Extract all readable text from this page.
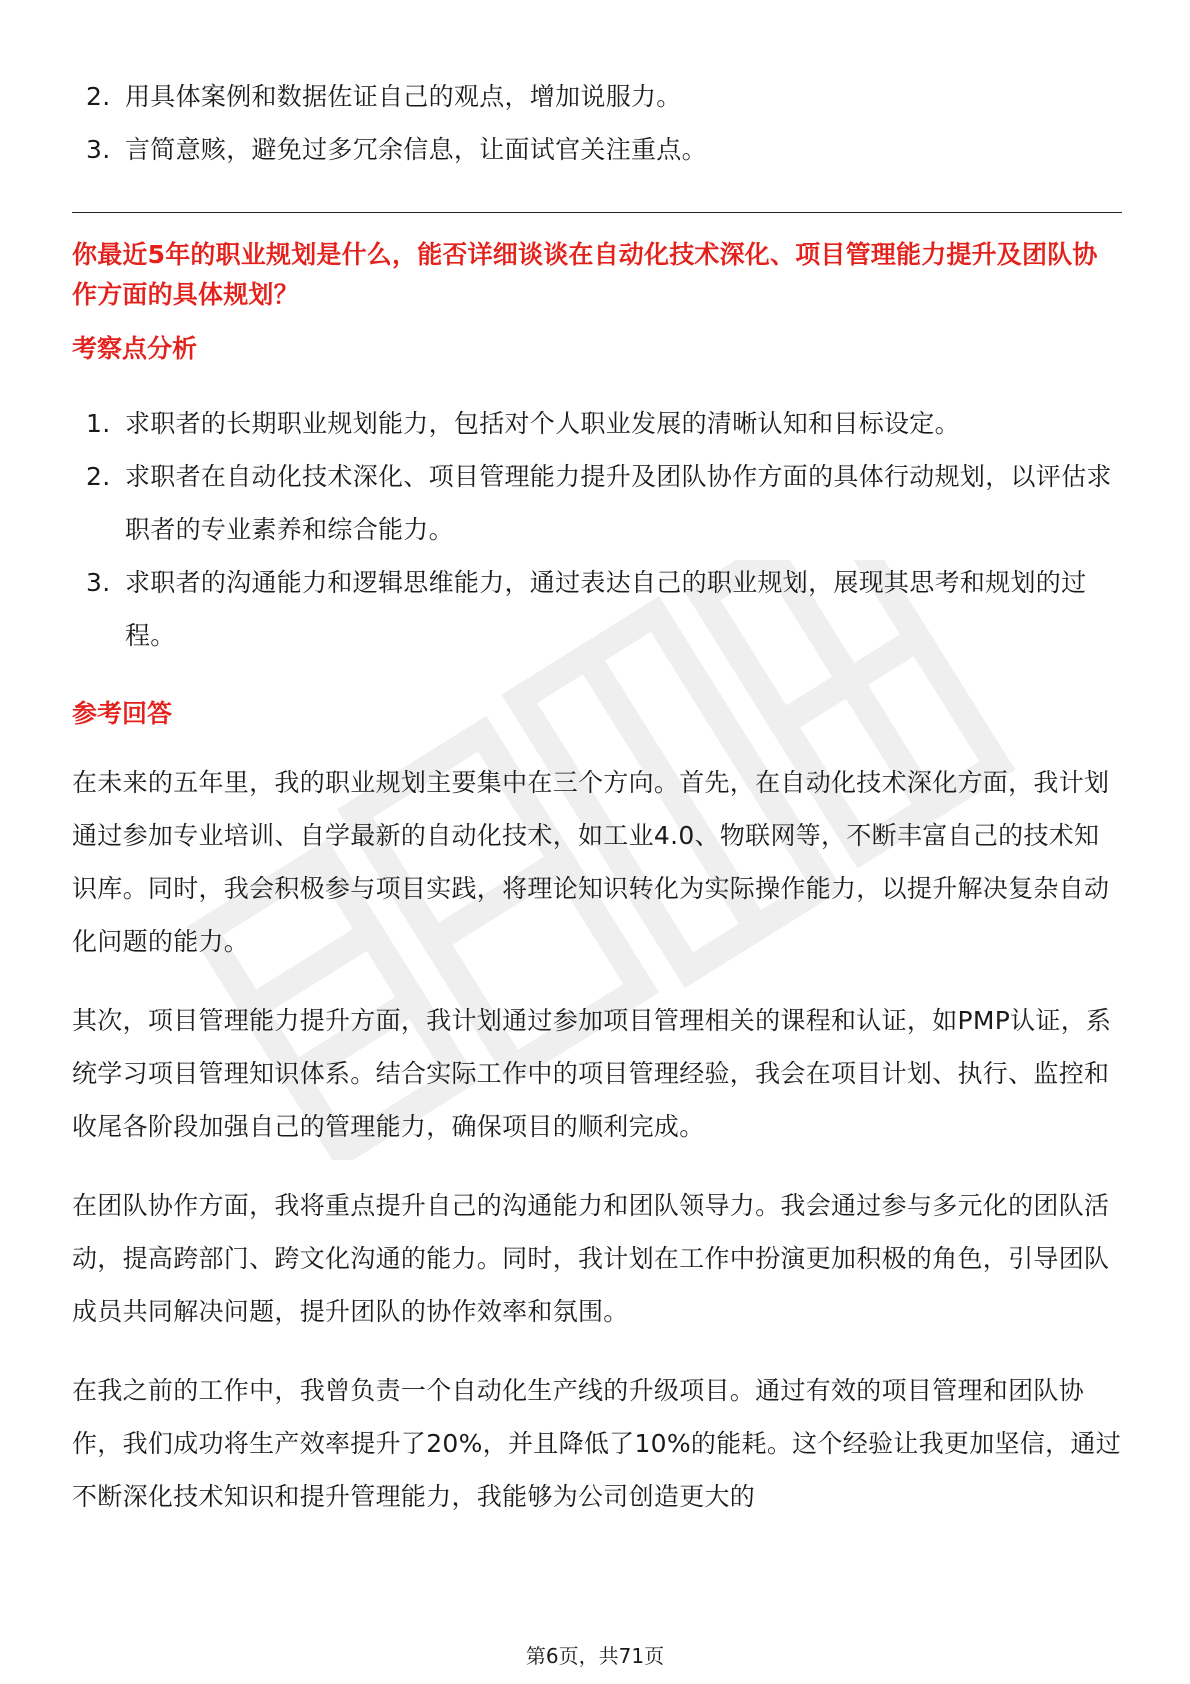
2. 用具体案例和数据佐证自己的观点，增加说服力。
3. 言简意赅，避免过多冗余信息，让面试官关注重点。

你最近5年的职业规划是什么，能否详细谈谈在自动化技术深化、项目管理能力提升及团队协作方面的具体规划？

考察点分析

1. 求职者的长期职业规划能力，包括对个人职业发展的清晰认知和目标设定。
2. 求职者在自动化技术深化、项目管理能力提升及团队协作方面的具体行动规划，以评估求职者的专业素养和综合能力。
3. 求职者的沟通能力和逻辑思维能力，通过表达自己的职业规划，展现其思考和规划的过程。

参考回答

在未来的五年里，我的职业规划主要集中在三个方向。首先，在自动化技术深化方面，我计划通过参加专业培训、自学最新的自动化技术，如工业4.0、物联网等，不断丰富自己的技术知识库。同时，我会积极参与项目实践，将理论知识转化为实际操作能力，以提升解决复杂自动化问题的能力。

其次，项目管理能力提升方面，我计划通过参加项目管理相关的课程和认证，如PMP认证，系统学习项目管理知识体系。结合实际工作中的项目管理经验，我会在项目计划、执行、监控和收尾各阶段加强自己的管理能力，确保项目的顺利完成。

在团队协作方面，我将重点提升自己的沟通能力和团队领导力。我会通过参与多元化的团队活动，提高跨部门、跨文化沟通的能力。同时，我计划在工作中扮演更加积极的角色，引导团队成员共同解决问题，提升团队的协作效率和氛围。

在我之前的工作中，我曾负责一个自动化生产线的升级项目。通过有效的项目管理和团队协作，我们成功将生产效率提升了20%，并且降低了10%的能耗。这个经验让我更加坚信，通过不断深化技术知识和提升管理能力，我能够为公司创造更大的

第6页，共71页
